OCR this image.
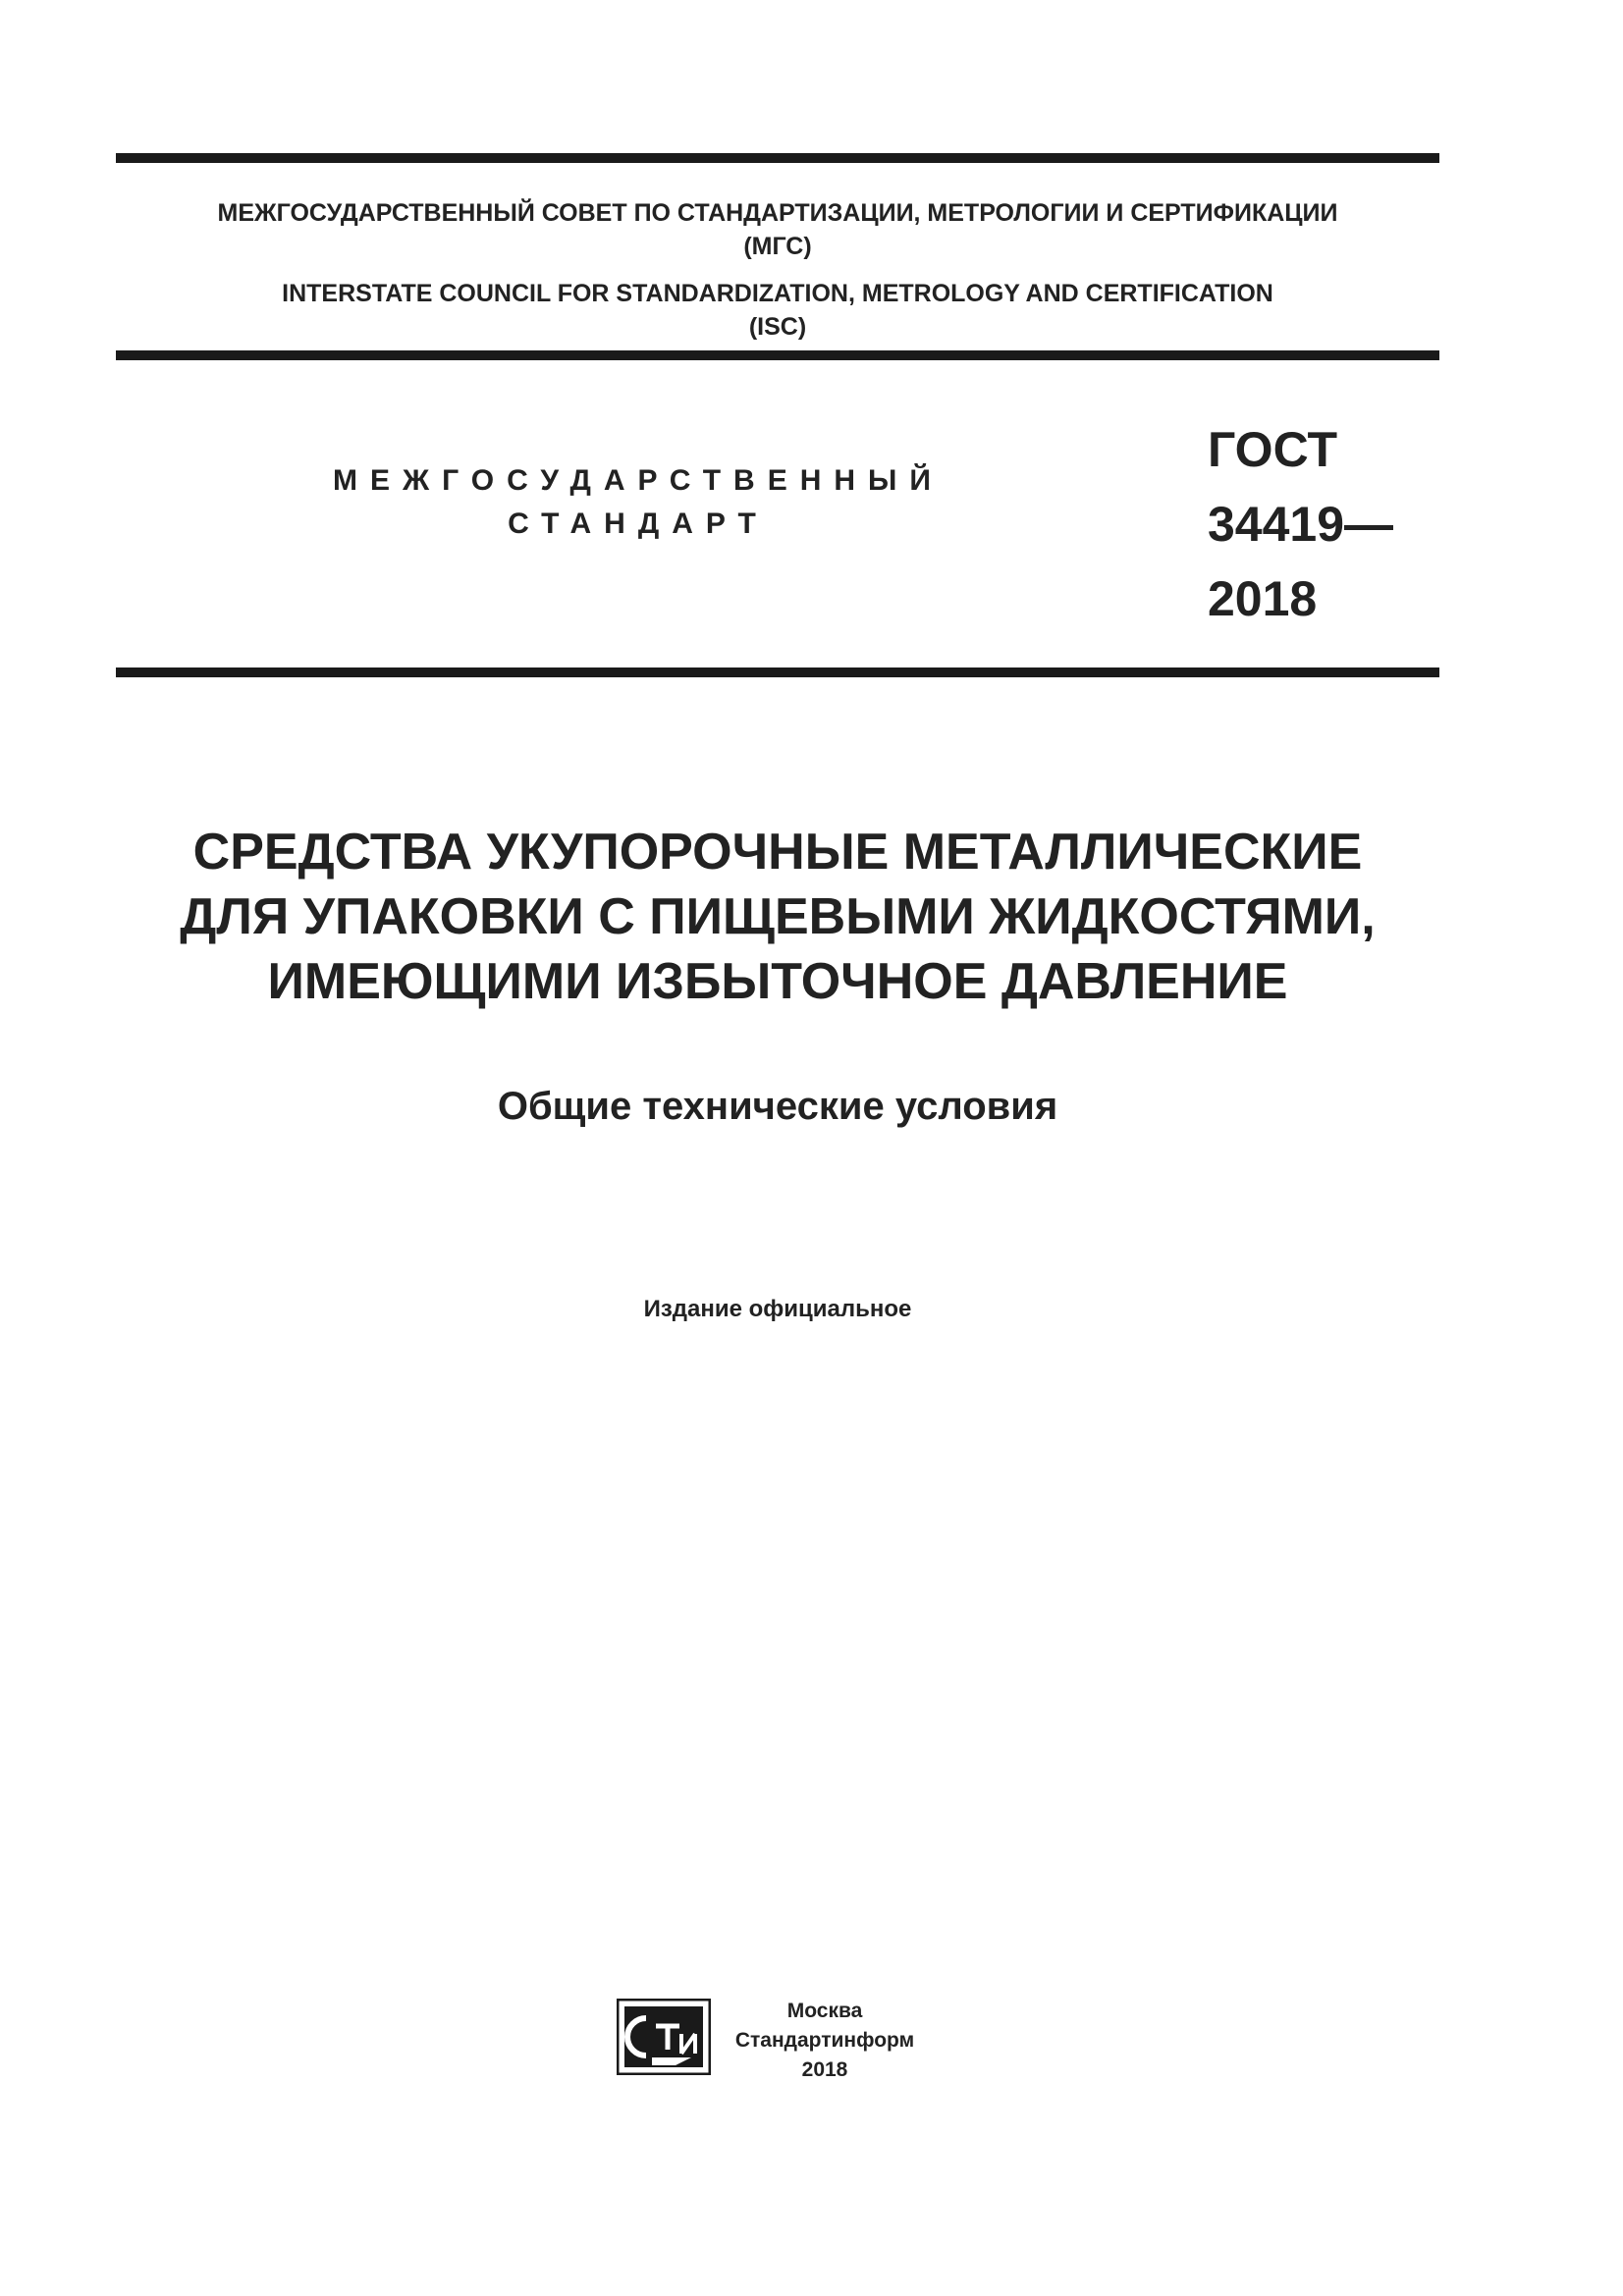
МЕЖГОСУДАРСТВЕННЫЙ СОВЕТ ПО СТАНДАРТИЗАЦИИ, МЕТРОЛОГИИ И СЕРТИФИКАЦИИ
(МГС)
INTERSTATE COUNCIL FOR STANDARDIZATION, METROLOGY AND CERTIFICATION
(ISC)
МЕЖГОСУДАРСТВЕННЫЙ
СТАНДАРТ
ГОСТ
34419—
2018
СРЕДСТВА УКУПОРОЧНЫЕ МЕТАЛЛИЧЕСКИЕ
ДЛЯ УПАКОВКИ С ПИЩЕВЫМИ ЖИДКОСТЯМИ,
ИМЕЮЩИМИ ИЗБЫТОЧНОЕ ДАВЛЕНИЕ
Общие технические условия
Издание официальное
Москва
Стандартинформ
2018
